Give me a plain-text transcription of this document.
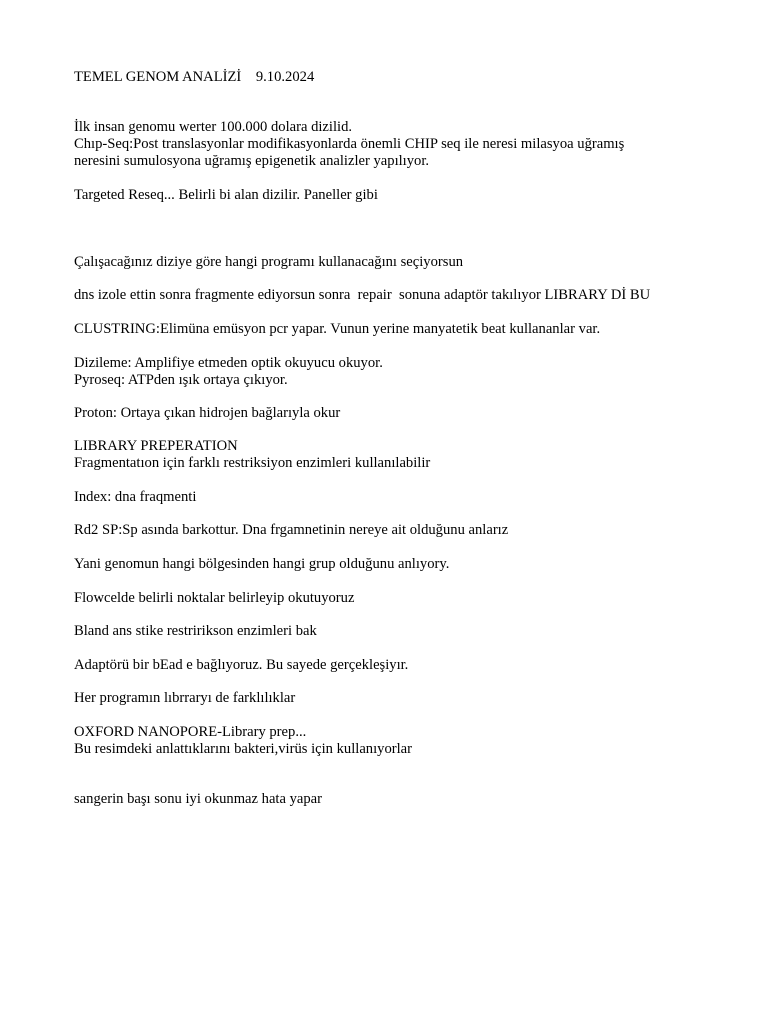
TEMEL GENOM ANALİZİ 9.10.2024
İlk insan genomu werter 100.000 dolara dizilid.
Chıp-Seq:Post translasyonlar modifikasyonlarda önemli CHIP seq ile neresi milasyoa uğramış
neresini sumulosyona uğramış epigenetik analizler yapılıyor.
Targeted Reseq... Belirli bi alan dizilir. Paneller gibi
Çalışacağınız diziye göre hangi programı kullanacağını seçiyorsun
dns izole ettin sonra fragmente ediyorsun sonra  repair  sonuna adaptör takılıyor LIBRARY Dİ BU
CLUSTRING:Elimüna emüsyon pcr yapar. Vunun yerine manyatetik beat kullananlar var.
Dizileme: Amplifiye etmeden optik okuyucu okuyor.
Pyroseq: ATPden ışık ortaya çıkıyor.
Proton: Ortaya çıkan hidrojen bağlarıyla okur
LIBRARY PREPERATION
Fragmentatıon için farklı restriksiyon enzimleri kullanılabilir
Index: dna fraqmenti
Rd2 SP:Sp asında barkottur. Dna frgamnetinin nereye ait olduğunu anlarız
Yani genomun hangi bölgesinden hangi grup olduğunu anlıyory.
Flowcelde belirli noktalar belirleyip okutuyoruz
Bland ans stike restririkson enzimleri bak
Adaptörü bir bEad e bağlıyoruz. Bu sayede gerçekleşiyır.
Her programın lıbrraryı de farklılıklar
OXFORD NANOPORE-Library prep...
Bu resimdeki anlattıklarını bakteri,virüs için kullanıyorlar
sangerin başı sonu iyi okunmaz hata yapar
